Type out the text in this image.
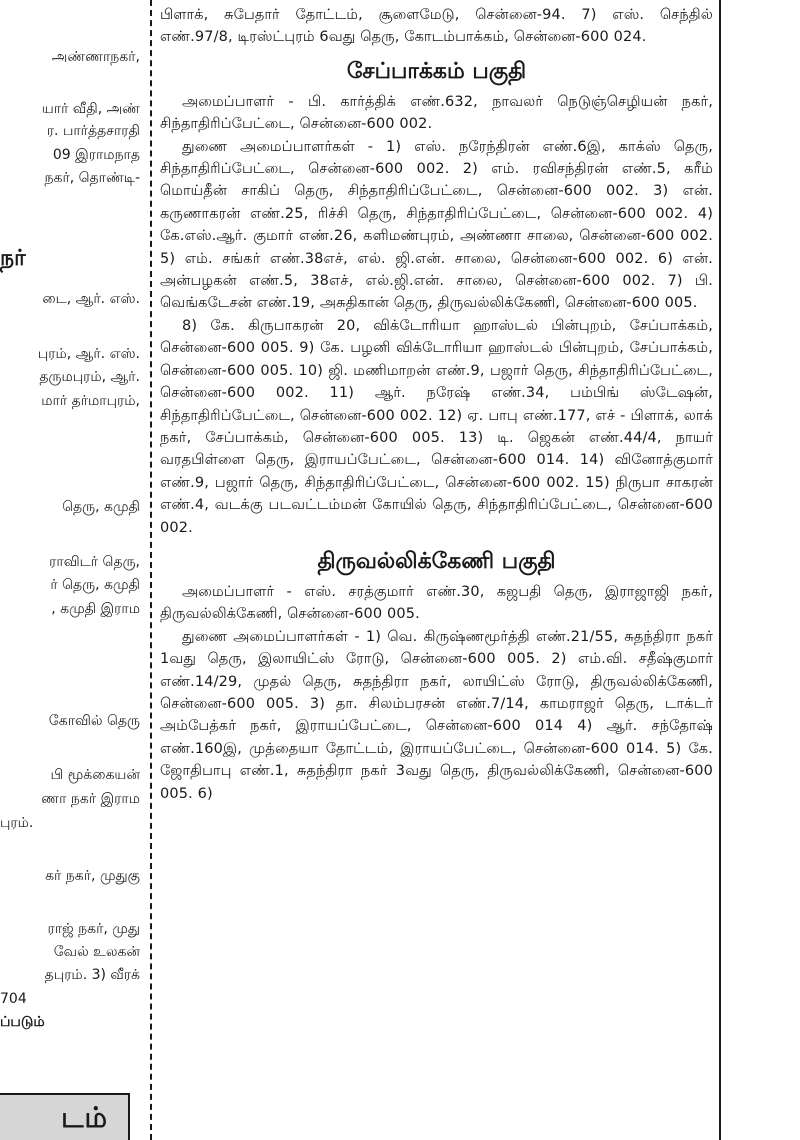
அண்ணாநகர்,
யார் வீதி, அண்
ர. பார்த்தசாரதி
09 இராமநாத
நகர், தொண்டி-
நர்
டை, ஆர். எஸ்.
புரம், ஆர். எஸ்.
தருமபுரம், ஆர்.
மார் தர்மாபுரம்,
தெரு, கமுதி
ராவிடர் தெரு,
ர் தெரு, கமுதி
, கமுதி இராம
கோவில் தெரு
பி மூக்கையன்
ணா நகர் இராம
புரம்.
கர் நகர், முதுகு
ராஜ் நகர், முது
வேல் உலகன்
தபுரம். 3) வீரக்
704
ப்படும்
டம்

பிளாக், சுபேதார் தோட்டம், சூளைமேடு, சென்னை-94. 7) எஸ். செந்தில் எண்.97/8, டிரஸ்ட்புரம் 6வது தெரு, கோடம்பாக்கம், சென்னை-600 024.

சேப்பாக்கம் பகுதி

அமைப்பாளர் - பி. கார்த்திக் எண்.632, நாவலர் நெடுஞ்செழியன் நகர், சிந்தாதிரிப்பேட்டை, சென்னை-600 002.

துணை அமைப்பாளர்கள் - 1) எஸ். நரேந்திரன் எண்.6இ, காக்ஸ் தெரு, சிந்தாதிரிப்பேட்டை, சென்னை-600 002. 2) எம். ரவிசந்திரன் எண்.5, கரீம் மொய்தீன் சாகிப் தெரு, சிந்தாதிரிப்பேட்டை, சென்னை-600 002. 3) என். கருணாகரன் எண்.25, ரிச்சி தெரு, சிந்தாதிரிப்பேட்டை, சென்னை-600 002. 4) கே.எஸ்.ஆர். குமார் எண்.26, களிமண்புரம், அண்ணா சாலை, சென்னை-600 002. 5) எம். சங்கர் எண்.38எச், எல். ஜி.என். சாலை, சென்னை-600 002. 6) என். அன்பழகன் எண்.5, 38எச், எல்.ஜி.என். சாலை, சென்னை-600 002. 7) பி. வெங்கடேசன் எண்.19, அசுதிகான் தெரு, திருவல்லிக்கேணி, சென்னை-600 005.

8) கே. கிருபாகரன் 20, விக்டோரியா ஹாஸ்டல் பின்புறம், சேப்பாக்கம், சென்னை-600 005. 9) கே. பழனி விக்டோரியா ஹாஸ்டல் பின்புறம், சேப்பாக்கம், சென்னை-600 005. 10) ஜி. மணிமாறன் எண்.9, பஜார் தெரு, சிந்தாதிரிப்பேட்டை, சென்னை-600 002. 11) ஆர். நரேஷ் எண்.34, பம்பிங் ஸ்டேஷன், சிந்தாதிரிப்பேட்டை, சென்னை-600 002. 12) ஏ. பாபு எண்.177, எச் - பிளாக், லாக் நகர், சேப்பாக்கம், சென்னை-600 005. 13) டி. ஜெகன் எண்.44/4, நாயர் வரதபிள்ளை தெரு, இராயப்பேட்டை, சென்னை-600 014. 14) வினோத்குமார் எண்.9, பஜார் தெரு, சிந்தாதிரிப்பேட்டை, சென்னை-600 002. 15) நிருபா சாகரன் எண்.4, வடக்கு படவட்டம்மன் கோயில் தெரு, சிந்தாதிரிப்பேட்டை, சென்னை-600 002.

திருவல்லிக்கேணி பகுதி

அமைப்பாளர் - எஸ். சரத்குமார் எண்.30, கஜபதி தெரு, இராஜாஜி நகர், திருவல்லிக்கேணி, சென்னை-600 005.

துணை அமைப்பாளர்கள் - 1) வெ. கிருஷ்ணமூர்த்தி எண்.21/55, சுதந்திரா நகர் 1வது தெரு, இலாயிட்ஸ் ரோடு, சென்னை-600 005. 2) எம்.வி. சதீஷ்குமார் எண்.14/29, முதல் தெரு, சுதந்திரா நகர், லாயிட்ஸ் ரோடு, திருவல்லிக்கேணி, சென்னை-600 005. 3) தா. சிலம்பரசன் எண்.7/14, காமராஜர் தெரு, டாக்டர் அம்பேத்கர் நகர், இராயப்பேட்டை, சென்னை-600 014 4) ஆர். சந்தோஷ் எண்.160இ, முத்தையா தோட்டம், இராயப்பேட்டை, சென்னை-600 014. 5) கே. ஜோதிபாபு எண்.1, சுதந்திரா நகர் 3வது தெரு, திருவல்லிக்கேணி, சென்னை-600 005. 6)
